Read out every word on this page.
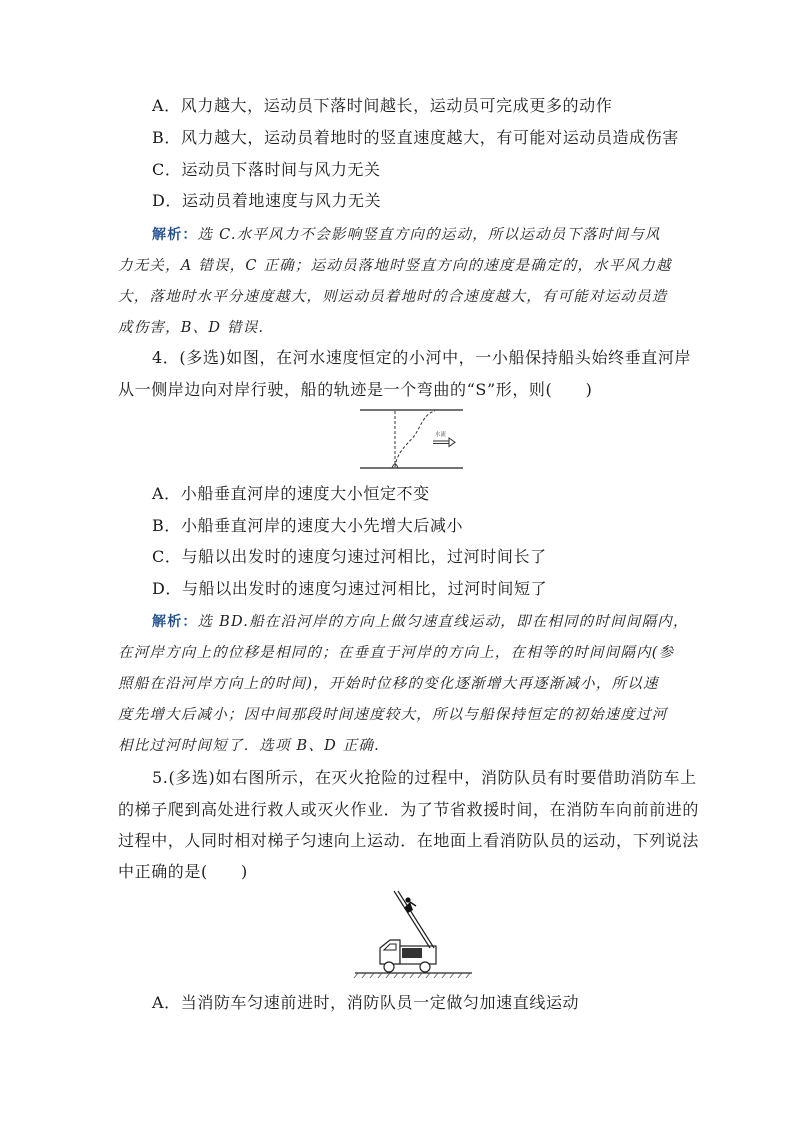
A．风力越大，运动员下落时间越长，运动员可完成更多的动作
B．风力越大，运动员着地时的竖直速度越大，有可能对运动员造成伤害
C．运动员下落时间与风力无关
D．运动员着地速度与风力无关
解析：选 C.水平风力不会影响竖直方向的运动，所以运动员下落时间与风
力无关，A 错误，C 正确；运动员落地时竖直方向的速度是确定的，水平风力越
大，落地时水平分速度越大，则运动员着地时的合速度越大，有可能对运动员造
成伤害，B、D 错误.
4．(多选)如图，在河水速度恒定的小河中，一小船保持船头始终垂直河岸
从一侧岸边向对岸行驶，船的轨迹是一个弯曲的“S”形，则(　　)
水流
A．小船垂直河岸的速度大小恒定不变
B．小船垂直河岸的速度大小先增大后减小
C．与船以出发时的速度匀速过河相比，过河时间长了
D．与船以出发时的速度匀速过河相比，过河时间短了
解析：选 BD.船在沿河岸的方向上做匀速直线运动，即在相同的时间间隔内，
在河岸方向上的位移是相同的；在垂直于河岸的方向上，在相等的时间间隔内(参
照船在沿河岸方向上的时间)，开始时位移的变化逐渐增大再逐渐减小，所以速
度先增大后减小；因中间那段时间速度较大，所以与船保持恒定的初始速度过河
相比过河时间短了．选项 B、D 正确.
5.(多选)如右图所示，在灭火抢险的过程中，消防队员有时要借助消防车上
的梯子爬到高处进行救人或灭火作业．为了节省救援时间，在消防车向前前进的
过程中，人同时相对梯子匀速向上运动．在地面上看消防队员的运动，下列说法
中正确的是(　　)
A．当消防车匀速前进时，消防队员一定做匀加速直线运动
